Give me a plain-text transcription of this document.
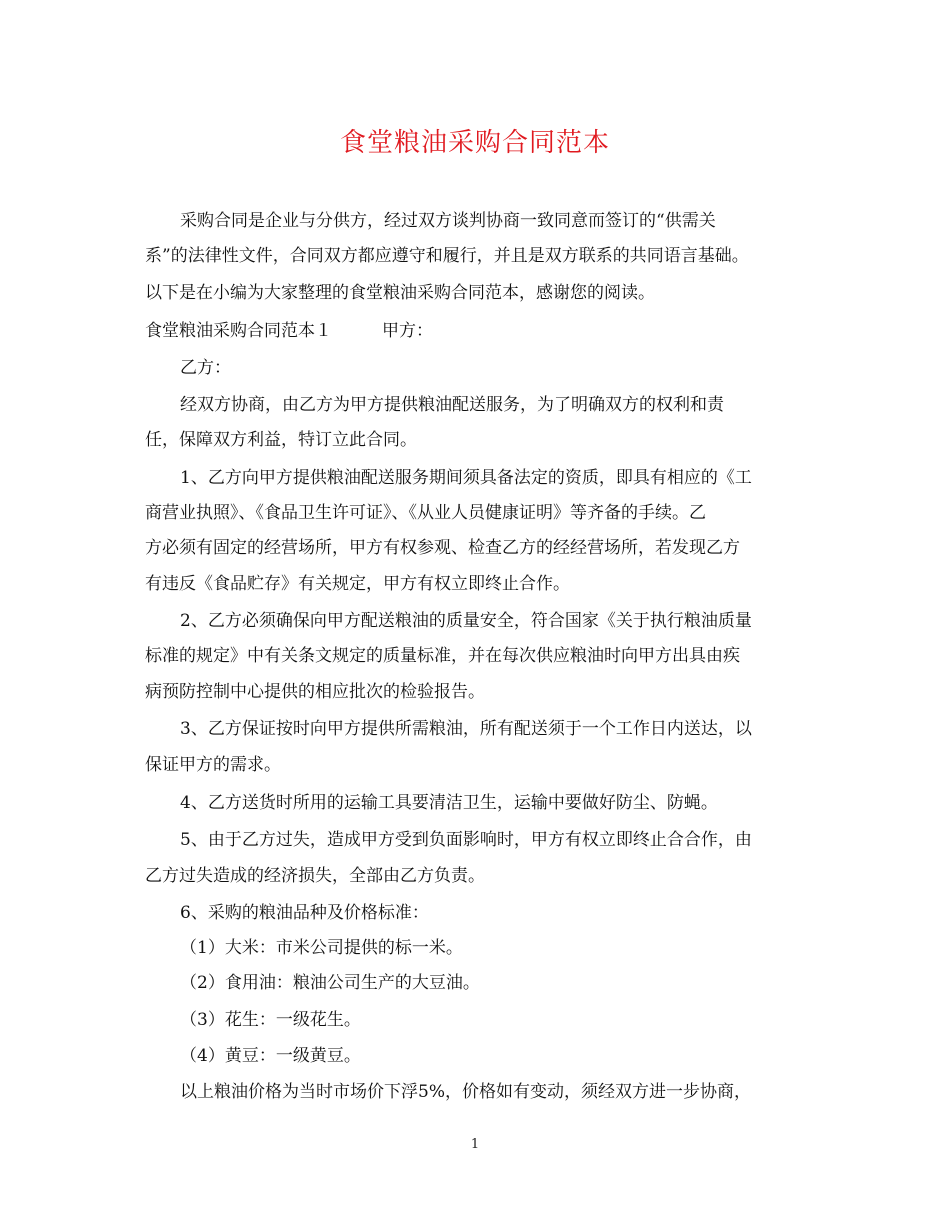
食堂粮油采购合同范本
采购合同是企业与分供方，经过双方谈判协商一致同意而签订的“供需关
系”的法律性文件，合同双方都应遵守和履行，并且是双方联系的共同语言基础。
以下是在小编为大家整理的食堂粮油采购合同范本，感谢您的阅读。
食堂粮油采购合同范本１	甲方：
乙方：
经双方协商，由乙方为甲方提供粮油配送服务，为了明确双方的权利和责
任，保障双方利益，特订立此合同。
1、乙方向甲方提供粮油配送服务期间须具备法定的资质，即具有相应的《工
商营业执照》、《食品卫生许可证》、《从业人员健康证明》等齐备的手续。乙
方必须有固定的经营场所，甲方有权参观、检查乙方的经经营场所，若发现乙方
有违反《食品贮存》有关规定，甲方有权立即终止合作。
2、乙方必须确保向甲方配送粮油的质量安全，符合国家《关于执行粮油质量
标准的规定》中有关条文规定的质量标准，并在每次供应粮油时向甲方出具由疾
病预防控制中心提供的相应批次的检验报告。
3、乙方保证按时向甲方提供所需粮油，所有配送须于一个工作日内送达，以
保证甲方的需求。
4、乙方送货时所用的运输工具要清洁卫生，运输中要做好防尘、防蝇。
5、由于乙方过失，造成甲方受到负面影响时，甲方有权立即终止合合作，由
乙方过失造成的经济损失，全部由乙方负责。
6、采购的粮油品种及价格标准：
（1）大米：市米公司提供的标一米。
（2）食用油：粮油公司生产的大豆油。
（3）花生：一级花生。
（4）黄豆：一级黄豆。
以上粮油价格为当时市场价下浮5%，价格如有变动，须经双方进一步协商，
1
